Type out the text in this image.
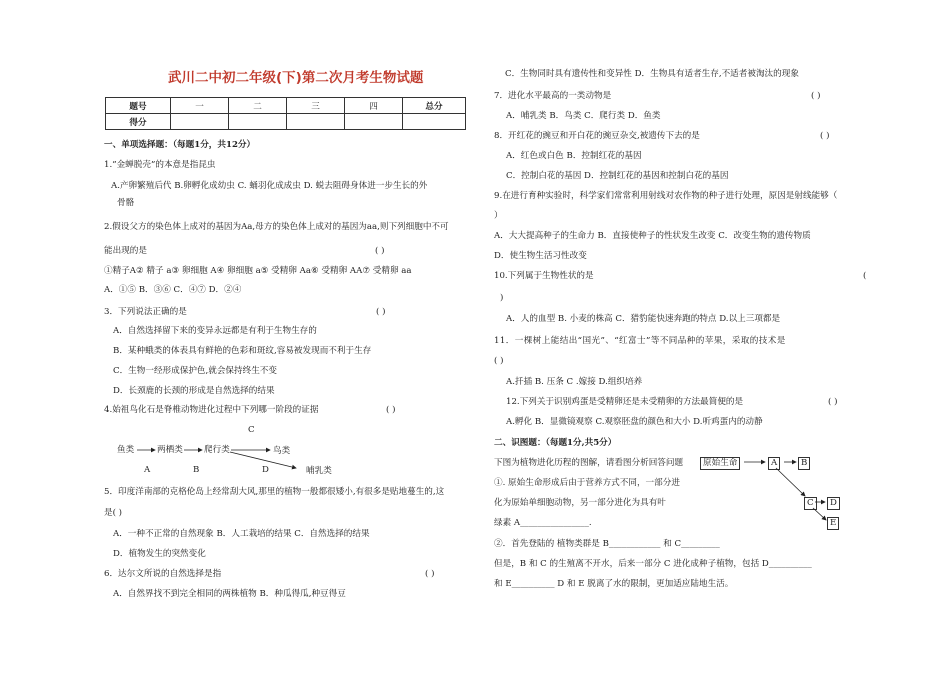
武川二中初二年级(下)第二次月考生物试题
题号	一	二	三	四	总分
得分					
一、单项选择题：（每题1分，共12分）
1.”金蝉脱壳”的本意是指昆虫
A.产卵繁殖后代 B.卵孵化成幼虫 C. 蛹羽化成成虫 D. 蜕去阻碍身体进一步生长的外
骨骼
2.假设父方的染色体上成对的基因为Aa,母方的染色体上成对的基因为aa,则下列细胞中不可
能出现的是	( )
①精子A② 精子 a③ 卵细胞 A④ 卵细胞 a⑤ 受精卵 Aa⑥ 受精卵 AA⑦ 受精卵 aa
A．①⑤ B．③⑥ C．④⑦ D．②④
3．下列说法正确的是	( )
A．自然选择留下来的变异永远都是有利于生物生存的
B．某种蛾类的体表具有鲜艳的色彩和斑纹,容易被发现而不利于生存
C．生物一经形成保护色,就会保持终生不变
D．长颈鹿的长颈的形成是自然选择的结果
4.始祖鸟化石是脊椎动物进化过程中下列哪一阶段的证据	( )
C
鱼类	两栖类 爬行类	鸟类
哺乳类
A	B	D
5．印度洋南部的克格伦岛上经常刮大风,那里的植物一般都很矮小,有很多是贴地蔓生的,这
是( )
A．一种不正常的自然现象 B．人工栽培的结果 C．自然选择的结果
D．植物发生的突然变化
6．达尔文所说的自然选择是指	( )
A．自然界找不到完全相同的两株植物 B．种瓜得瓜,种豆得豆
C．生物同时具有遗传性和变异性 D．生物具有适者生存,不适者被淘汰的现象
7．进化水平最高的一类动物是	( )
A．哺乳类 B．鸟类 C．爬行类 D．鱼类
8．开红花的豌豆和开白花的豌豆杂交,被遗传下去的是	( )
A．红色或白色 B．控制红花的基因
C．控制白花的基因 D．控制红花的基因和控制白花的基因
9.在进行育种实验时，科学家们常常利用射线对农作物的种子进行处理，原因是射线能够（
）
A．大大提高种子的生命力 B．直接使种子的性状发生改变 C．改变生物的遗传物质
D．使生物生活习性改变
10.下列属于生物性状的是	(
)
A．人的血型 B. 小麦的株高 C．猎豹能快速奔跑的特点 D.以上三项都是
11．一棵树上能结出“国光”、“红富士”等不同品种的苹果，采取的技术是
( )
A.扦插 B. 压条 C .嫁接 D.组织培养
12.下列关于识别鸡蛋是受精卵还是未受精卵的方法最简便的是	( )
A.孵化 B．显微镜观察 C.观察胚盘的颜色和大小 D.听鸡蛋内的动静
二、识图题：（每题1分,共5分）
下图为植物进化历程的图解，请看图分析回答问题	原始生命	A	B
C	D
E
①. 原始生命形成后由于营养方式不同，一部分进
化为原始单细胞动物，另一部分进化为具有叶
绿素 A________________.
②．首先登陆的 植物类群是 B____________ 和 C_________
但是，B 和 C 的生殖离不开水，后来一部分 C 进化成种子植物，包括 D__________
和 E__________ D 和 E 脱离了水的限制，更加适应陆地生活。
